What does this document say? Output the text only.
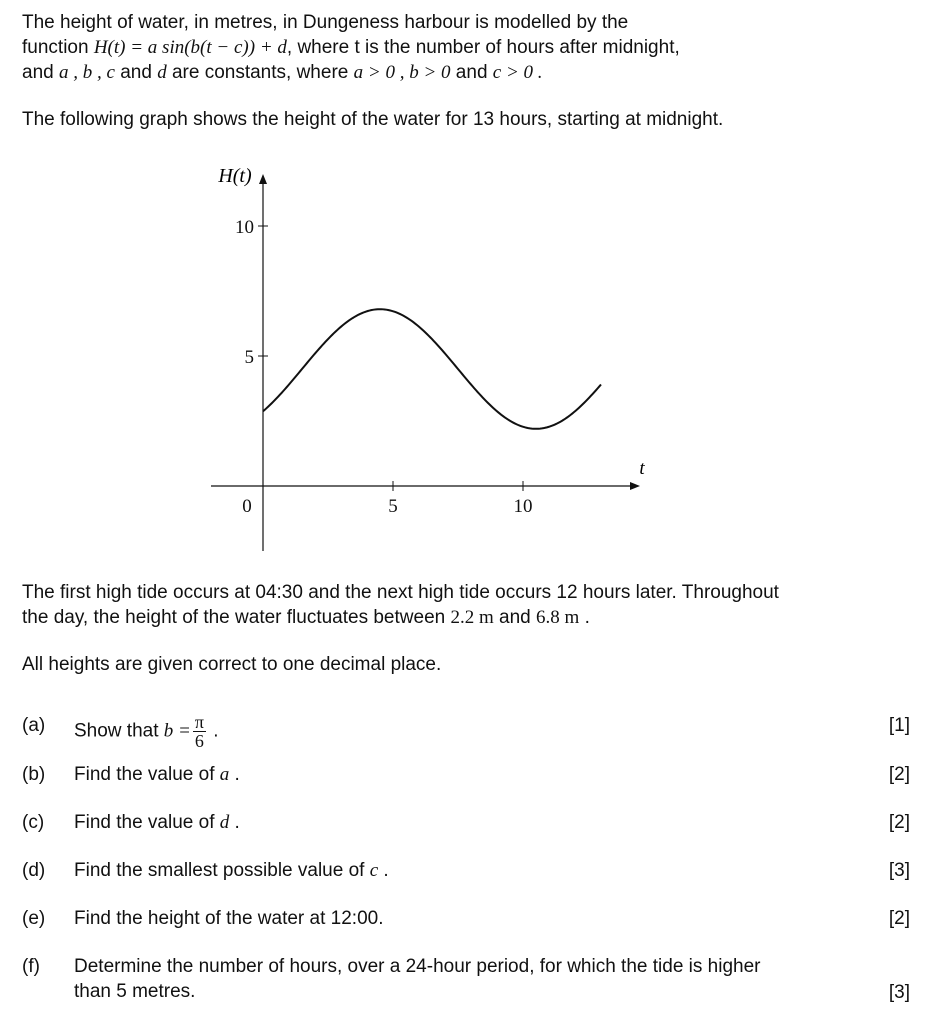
The height of water, in metres, in Dungeness harbour is modelled by the
function H(t) = a sin(b(t − c)) + d, where t is the number of hours after midnight,
and a , b , c and d are constants, where a > 0 , b > 0 and c > 0 .
The following graph shows the height of the water for 13 hours, starting at midnight.
0	5	10
5
10
H(t)
t
The first high tide occurs at 04:30 and the next high tide occurs 12 hours later. Throughout
the day, the height of the water fluctuates between 2.2 m and 6.8 m .
All heights are given correct to one decimal place.
(a) Show that $b = \frac{\pi}{6}$ .	[1]
(b) Find the value of a .	[2]
(c) Find the value of d .	[2]
(d) Find the smallest possible value of c .	[3]
(e) Find the height of the water at 12:00.	[2]
(f) Determine the number of hours, over a 24-hour period, for which the tide is higher
than 5 metres.	[3]
